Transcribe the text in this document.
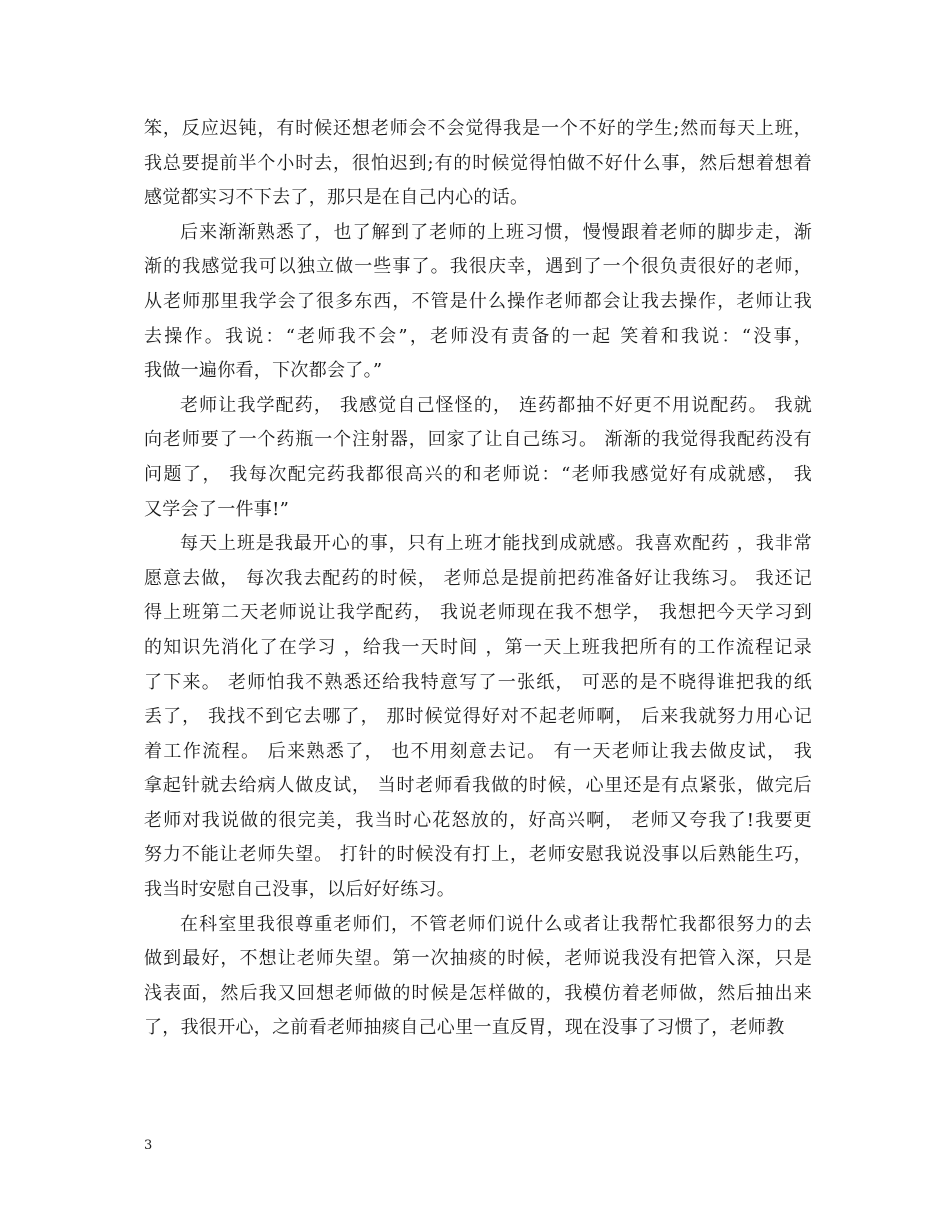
笨，反应迟钝，有时候还想老师会不会觉得我是一个不好的学生;然而每天上班，
我总要提前半个小时去，很怕迟到;有的时候觉得怕做不好什么事，然后想着想着
感觉都实习不下去了，那只是在自己内心的话。
后来渐渐熟悉了，也了解到了老师的上班习惯，慢慢跟着老师的脚步走，渐
渐的我感觉我可以独立做一些事了。我很庆幸，遇到了一个很负责很好的老师，
从老师那里我学会了很多东西，不管是什么操作老师都会让我去操作，老师让我
去操作。我说：“老师我不会”，老师没有责备的一起 笑着和我说：“没事，
我做一遍你看，下次都会了。”
老师让我学配药， 我感觉自己怪怪的， 连药都抽不好更不用说配药。 我就
向老师要了一个药瓶一个注射器，回家了让自己练习。 渐渐的我觉得我配药没有
问题了， 我每次配完药我都很高兴的和老师说：“老师我感觉好有成就感， 我
又学会了一件事!”
每天上班是我最开心的事，只有上班才能找到成就感。我喜欢配药 ，我非常
愿意去做， 每次我去配药的时候， 老师总是提前把药准备好让我练习。 我还记
得上班第二天老师说让我学配药， 我说老师现在我不想学， 我想把今天学习到
的知识先消化了在学习 ，给我一天时间 ，第一天上班我把所有的工作流程记录
了下来。 老师怕我不熟悉还给我特意写了一张纸， 可恶的是不晓得谁把我的纸
丢了， 我找不到它去哪了， 那时候觉得好对不起老师啊， 后来我就努力用心记
着工作流程。 后来熟悉了， 也不用刻意去记。 有一天老师让我去做皮试， 我
拿起针就去给病人做皮试， 当时老师看我做的时候，心里还是有点紧张，做完后
老师对我说做的很完美，我当时心花怒放的，好高兴啊， 老师又夸我了!我要更
努力不能让老师失望。 打针的时候没有打上，老师安慰我说没事以后熟能生巧，
我当时安慰自己没事，以后好好练习。
在科室里我很尊重老师们，不管老师们说什么或者让我帮忙我都很努力的去
做到最好，不想让老师失望。第一次抽痰的时候，老师说我没有把管入深，只是
浅表面，然后我又回想老师做的时候是怎样做的，我模仿着老师做，然后抽出来
了，我很开心，之前看老师抽痰自己心里一直反胃，现在没事了习惯了，老师教
3
